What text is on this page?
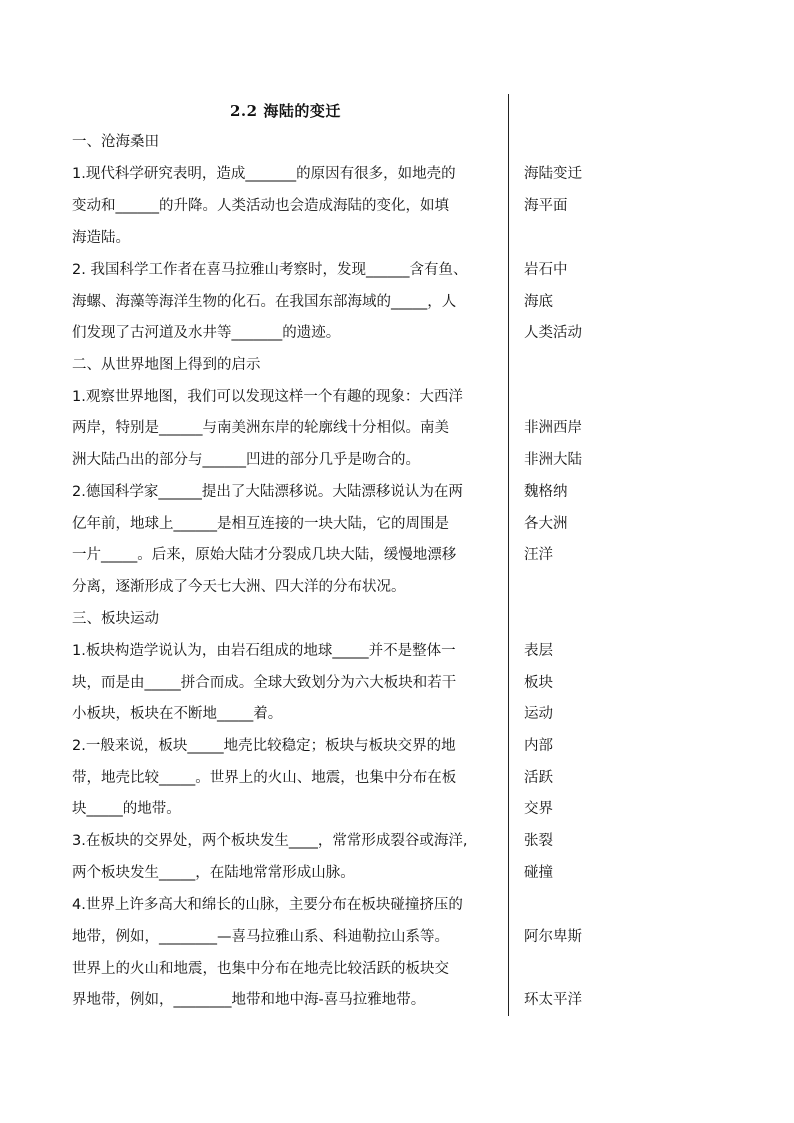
2.2 海陆的变迁
一、沧海桑田
1.现代科学研究表明，造成_______的原因有很多，如地壳的
变动和______的升降。人类活动也会造成海陆的变化，如填
海造陆。
2. 我国科学工作者在喜马拉雅山考察时，发现______含有鱼、
海螺、海藻等海洋生物的化石。在我国东部海域的_____，人
们发现了古河道及水井等_______的遗迹。
二、从世界地图上得到的启示
1.观察世界地图，我们可以发现这样一个有趣的现象：大西洋
两岸，特别是______与南美洲东岸的轮廓线十分相似。南美
洲大陆凸出的部分与______凹进的部分几乎是吻合的。
2.德国科学家______提出了大陆漂移说。大陆漂移说认为在两
亿年前，地球上______是相互连接的一块大陆，它的周围是
一片_____。后来，原始大陆才分裂成几块大陆，缓慢地漂移
分离，逐渐形成了今天七大洲、四大洋的分布状况。
三、板块运动
1.板块构造学说认为，由岩石组成的地球_____并不是整体一
块，而是由_____拼合而成。全球大致划分为六大板块和若干
小板块，板块在不断地_____着。
2.一般来说，板块_____地壳比较稳定；板块与板块交界的地
带，地壳比较_____。世界上的火山、地震，也集中分布在板
块_____的地带。
3.在板块的交界处，两个板块发生____，常常形成裂谷或海洋,
两个板块发生_____，在陆地常常形成山脉。
4.世界上许多高大和绵长的山脉，主要分布在板块碰撞挤压的
地带，例如，________—喜马拉雅山系、科迪勒拉山系等。
世界上的火山和地震，也集中分布在地壳比较活跃的板块交
界地带，例如，________地带和地中海-喜马拉雅地带。
海陆变迁
海平面
岩石中
海底
人类活动
非洲西岸
非洲大陆
魏格纳
各大洲
汪洋
表层
板块
运动
内部
活跃
交界
张裂
碰撞
阿尔卑斯
环太平洋
